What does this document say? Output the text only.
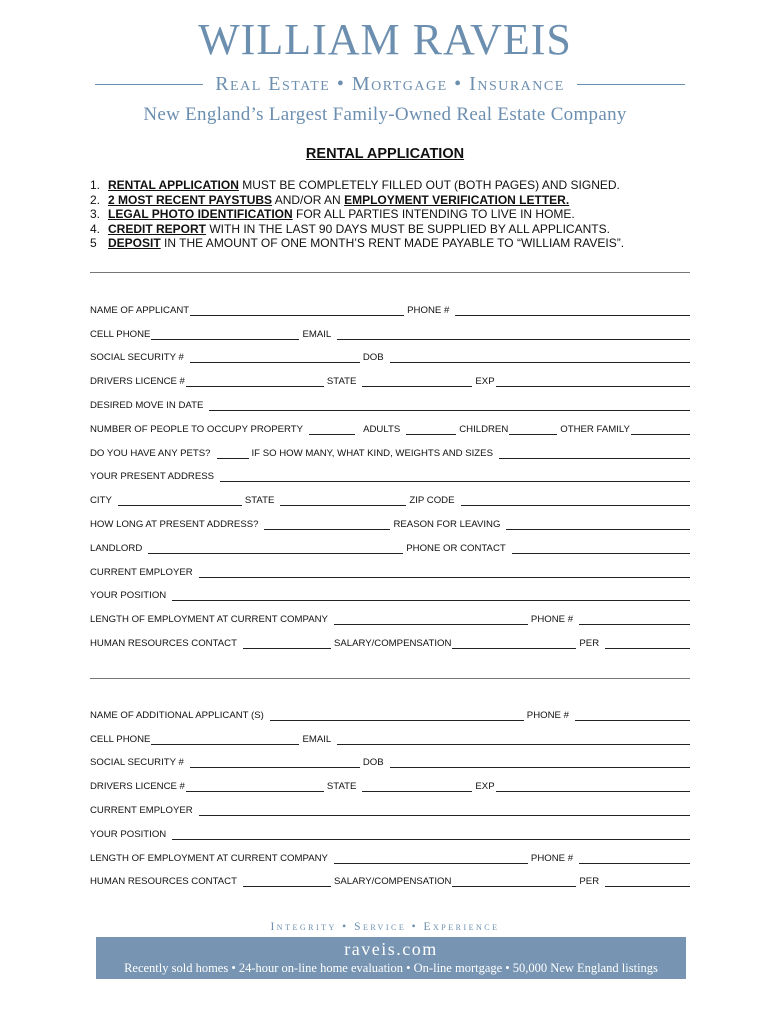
WILLIAM RAVEIS
Real Estate • Mortgage • Insurance
New England’s Largest Family-Owned Real Estate Company
RENTAL APPLICATION
1. RENTAL APPLICATION MUST BE COMPLETELY FILLED OUT (BOTH PAGES) AND SIGNED.
2. 2 MOST RECENT PAYSTUBS AND/OR AN EMPLOYMENT VERIFICATION LETTER.
3. LEGAL PHOTO IDENTIFICATION FOR ALL PARTIES INTENDING TO LIVE IN HOME.
4. CREDIT REPORT WITH IN THE LAST 90 DAYS MUST BE SUPPLIED BY ALL APPLICANTS.
5 DEPOSIT IN THE AMOUNT OF ONE MONTH’S RENT MADE PAYABLE TO “WILLIAM RAVEIS”.
NAME OF APPLICANT	PHONE #
CELL PHONE	EMAIL
SOCIAL SECURITY #	DOB
DRIVERS LICENCE #	STATE	EXP
DESIRED MOVE IN DATE
NUMBER OF PEOPLE TO OCCUPY PROPERTY	ADULTS	CHILDREN	OTHER FAMILY
DO YOU HAVE ANY PETS?	IF SO HOW MANY, WHAT KIND, WEIGHTS AND SIZES
YOUR PRESENT ADDRESS
CITY	STATE	ZIP CODE
HOW LONG AT PRESENT ADDRESS?	REASON FOR LEAVING
LANDLORD	PHONE OR CONTACT
CURRENT EMPLOYER
YOUR POSITION
LENGTH OF EMPLOYMENT AT CURRENT COMPANY	PHONE #
HUMAN RESOURCES CONTACT	SALARY/COMPENSATION	PER
NAME OF ADDITIONAL APPLICANT (S)	PHONE #
CELL PHONE	EMAIL
SOCIAL SECURITY #	DOB
DRIVERS LICENCE #	STATE	EXP
CURRENT EMPLOYER
YOUR POSITION
LENGTH OF EMPLOYMENT AT CURRENT COMPANY	PHONE #
HUMAN RESOURCES CONTACT	SALARY/COMPENSATION	PER
Integrity • Service • Experience
raveis.com
Recently sold homes • 24-hour on-line home evaluation • On-line mortgage • 50,000 New England listings
